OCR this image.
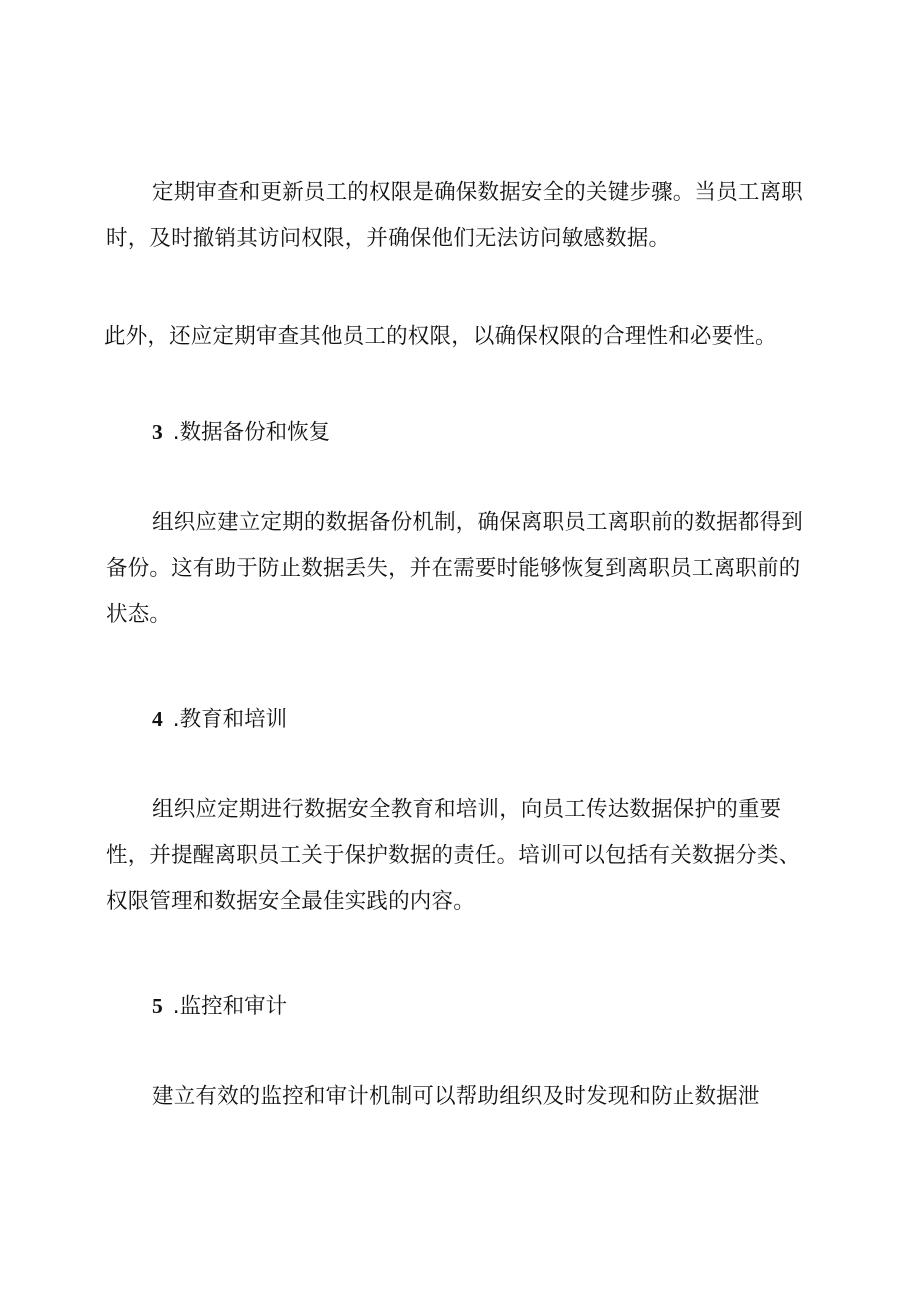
定期审查和更新员工的权限是确保数据安全的关键步骤。当员工离职时，及时撤销其访问权限，并确保他们无法访问敏感数据。

此外，还应定期审查其他员工的权限，以确保权限的合理性和必要性。

3 .数据备份和恢复

组织应建立定期的数据备份机制，确保离职员工离职前的数据都得到备份。这有助于防止数据丢失，并在需要时能够恢复到离职员工离职前的状态。

4 .教育和培训

组织应定期进行数据安全教育和培训，向员工传达数据保护的重要性，并提醒离职员工关于保护数据的责任。培训可以包括有关数据分类、权限管理和数据安全最佳实践的内容。

5 .监控和审计

建立有效的监控和审计机制可以帮助组织及时发现和防止数据泄
